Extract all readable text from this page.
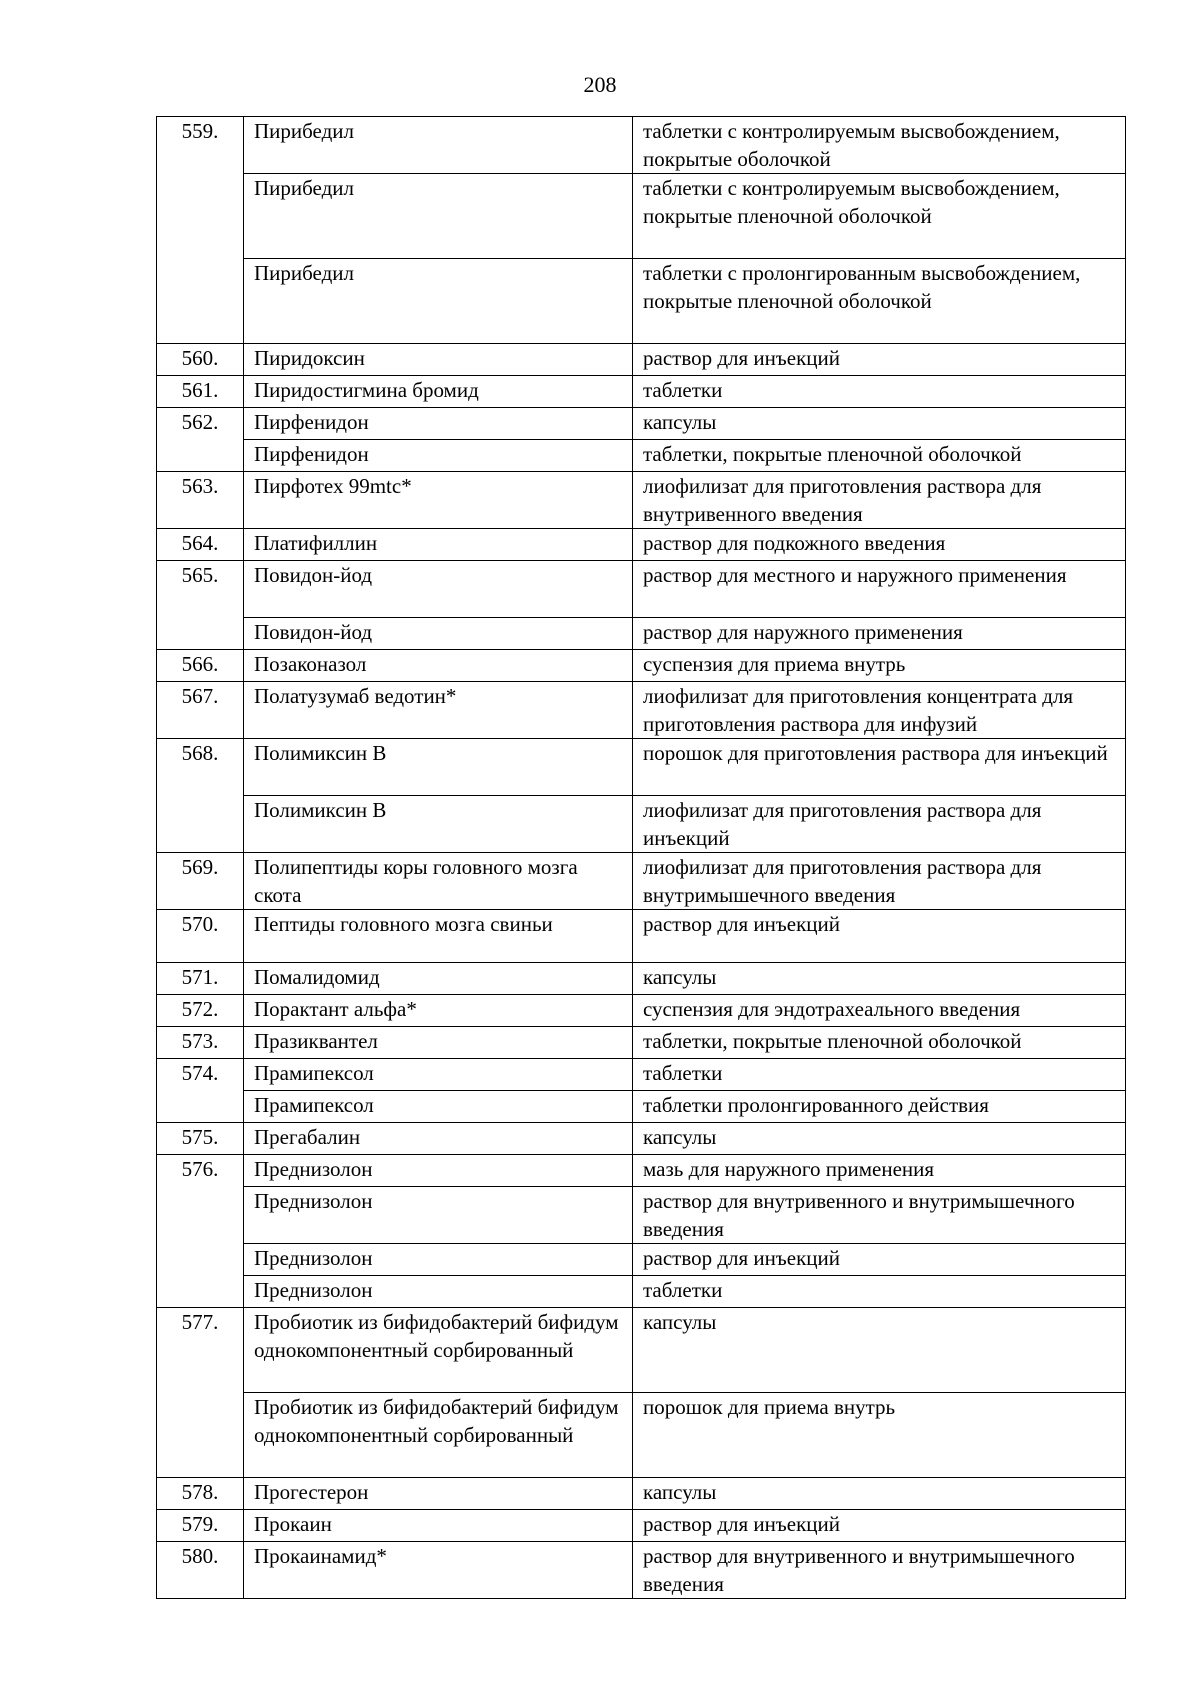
208
559.	Пирибедил	таблетки с контролируемым высвобождением, покрытые оболочкой
	Пирибедил	таблетки с контролируемым высвобождением, покрытые пленочной оболочкой
	Пирибедил	таблетки с пролонгированным высвобождением, покрытые пленочной оболочкой
560.	Пиридоксин	раствор для инъекций
561.	Пиридостигмина бромид	таблетки
562.	Пирфенидон	капсулы
	Пирфенидон	таблетки, покрытые пленочной оболочкой
563.	Пирфотех 99mtc*	лиофилизат для приготовления раствора для внутривенного введения
564.	Платифиллин	раствор для подкожного введения
565.	Повидон-йод	раствор для местного и наружного применения
	Повидон-йод	раствор для наружного применения
566.	Позаконазол	суспензия для приема внутрь
567.	Полатузумаб ведотин*	лиофилизат для приготовления концентрата для приготовления раствора для инфузий
568.	Полимиксин В	порошок для приготовления раствора для инъекций
	Полимиксин В	лиофилизат для приготовления раствора для инъекций
569.	Полипептиды коры головного мозга скота	лиофилизат для приготовления раствора для внутримышечного введения
570.	Пептиды головного мозга свиньи	раствор для инъекций
571.	Помалидомид	капсулы
572.	Порактант альфа*	суспензия для эндотрахеального введения
573.	Празиквантел	таблетки, покрытые пленочной оболочкой
574.	Прамипексол	таблетки
	Прамипексол	таблетки пролонгированного действия
575.	Прегабалин	капсулы
576.	Преднизолон	мазь для наружного применения
	Преднизолон	раствор для внутривенного и внутримышечного введения
	Преднизолон	раствор для инъекций
	Преднизолон	таблетки
577.	Пробиотик из бифидобактерий бифидум однокомпонентный сорбированный	капсулы
	Пробиотик из бифидобактерий бифидум однокомпонентный сорбированный	порошок для приема внутрь
578.	Прогестерон	капсулы
579.	Прокаин	раствор для инъекций
580.	Прокаинамид*	раствор для внутривенного и внутримышечного введения
